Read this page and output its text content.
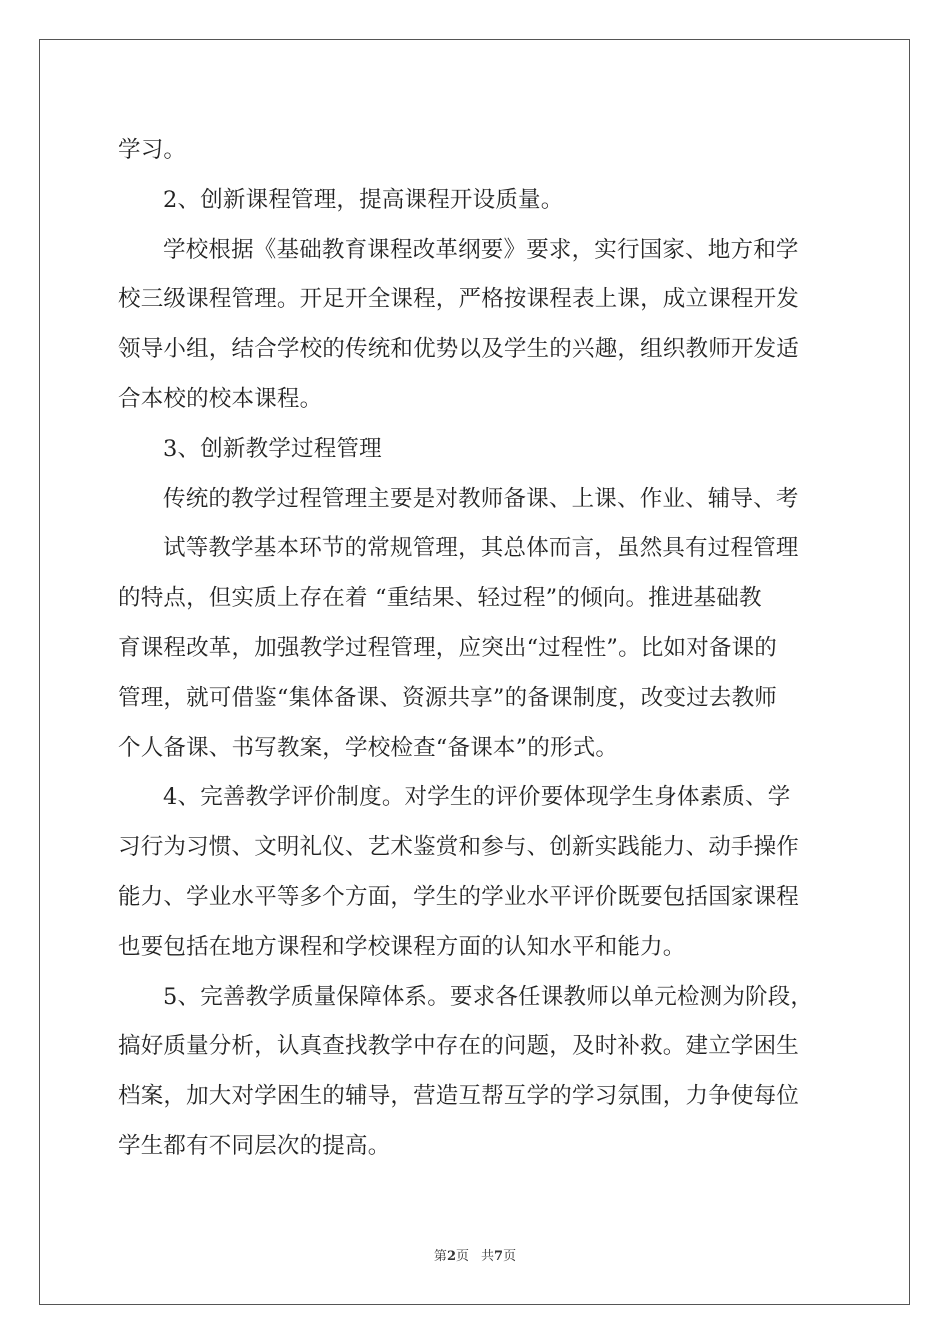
学习。
2、创新课程管理，提高课程开设质量。
学校根据《基础教育课程改革纲要》要求，实行国家、地方和学
校三级课程管理。开足开全课程，严格按课程表上课，成立课程开发
领导小组，结合学校的传统和优势以及学生的兴趣，组织教师开发适
合本校的校本课程。
3、创新教学过程管理
传统的教学过程管理主要是对教师备课、上课、作业、辅导、考
试等教学基本环节的常规管理，其总体而言，虽然具有过程管理
的特点，但实质上存在着 “重结果、轻过程”的倾向。推进基础教
育课程改革，加强教学过程管理，应突出“过程性”。比如对备课的
管理，就可借鉴“集体备课、资源共享”的备课制度，改变过去教师
个人备课、书写教案，学校检查“备课本”的形式。
4、完善教学评价制度。对学生的评价要体现学生身体素质、学
习行为习惯、文明礼仪、艺术鉴赏和参与、创新实践能力、动手操作
能力、学业水平等多个方面，学生的学业水平评价既要包括国家课程
也要包括在地方课程和学校课程方面的认知水平和能力。
5、完善教学质量保障体系。要求各任课教师以单元检测为阶段，
搞好质量分析，认真查找教学中存在的问题，及时补救。建立学困生
档案，加大对学困生的辅导，营造互帮互学的学习氛围，力争使每位
学生都有不同层次的提高。
第2页 共7页
